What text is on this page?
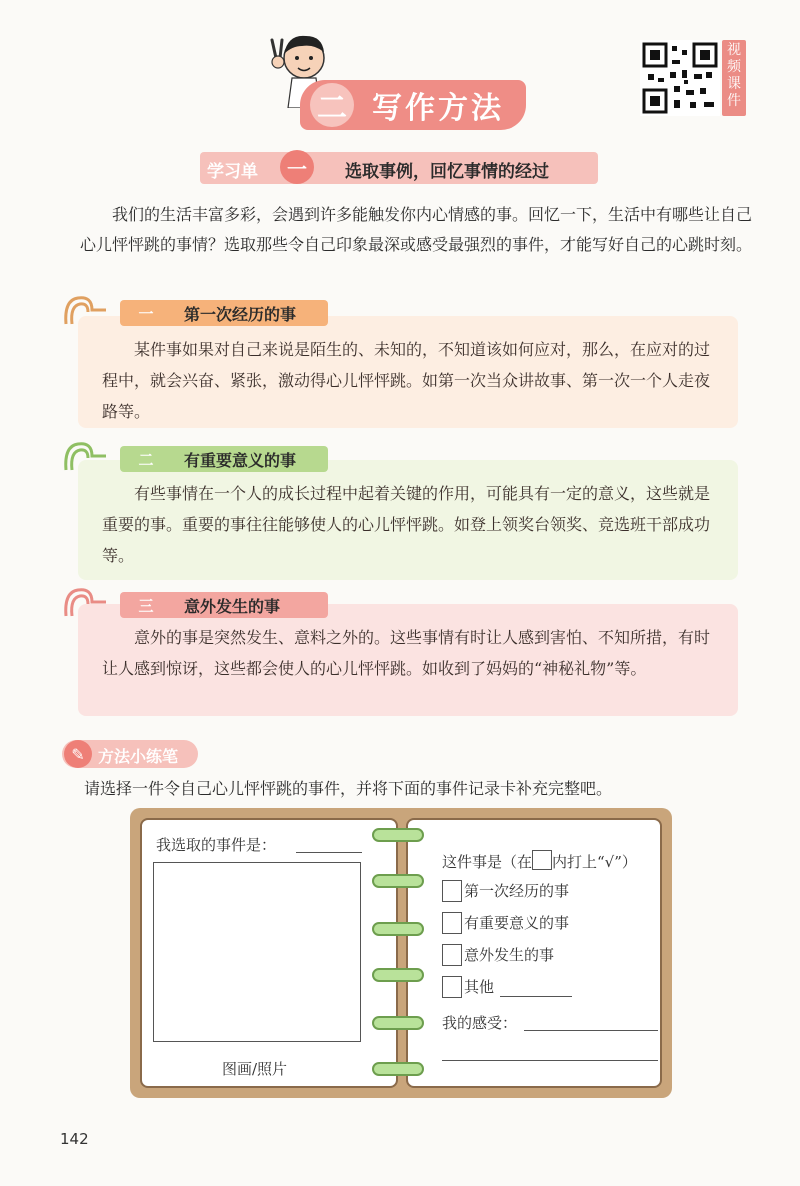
二 写作方法
视频课件
学习单	一	选取事例，回忆事情的经过
我们的生活丰富多彩，会遇到许多能触发你内心情感的事。回忆一下，生活中有哪些让自己心儿怦怦跳的事情？选取那些令自己印象最深或感受最强烈的事件，才能写好自己的心跳时刻。
某件事如果对自己来说是陌生的、未知的，不知道该如何应对，那么，在应对的过程中，就会兴奋、紧张，激动得心儿怦怦跳。如第一次当众讲故事、第一次一个人走夜路等。
一	第一次经历的事
有些事情在一个人的成长过程中起着关键的作用，可能具有一定的意义，这些就是重要的事。重要的事往往能够使人的心儿怦怦跳。如登上领奖台领奖、竞选班干部成功等。
二	有重要意义的事
意外的事是突然发生、意料之外的。这些事情有时让人感到害怕、不知所措，有时让人感到惊讶，这些都会使人的心儿怦怦跳。如收到了妈妈的“神秘礼物”等。
三	意外发生的事
✎ 方法小练笔
请选择一件令自己心儿怦怦跳的事件，并将下面的事件记录卡补充完整吧。
我选取的事件是：
图画/照片
这件事是（在 内打上“√”）
第一次经历的事
有重要意义的事
意外发生的事
其他
我的感受：
142
